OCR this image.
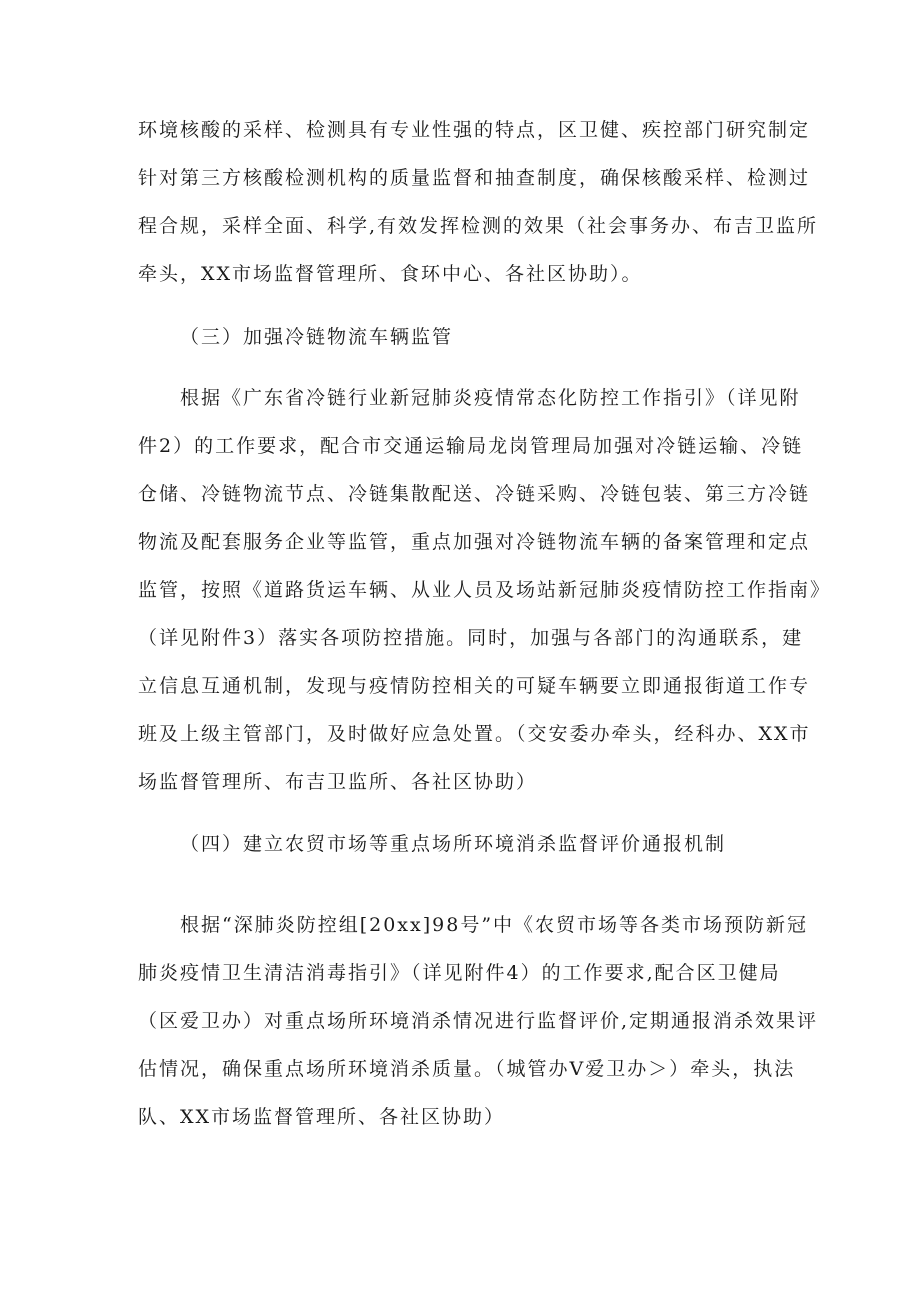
环境核酸的采样、检测具有专业性强的特点，区卫健、疾控部门研究制定
针对第三方核酸检测机构的质量监督和抽查制度，确保核酸采样、检测过
程合规，采样全面、科学,有效发挥检测的效果（社会事务办、布吉卫监所
牵头，XX市场监督管理所、食环中心、各社区协助）。
（三）加强冷链物流车辆监管
根据《广东省冷链行业新冠肺炎疫情常态化防控工作指引》（详见附
件2）的工作要求，配合市交通运输局龙岗管理局加强对冷链运输、冷链
仓储、冷链物流节点、冷链集散配送、冷链采购、冷链包装、第三方冷链
物流及配套服务企业等监管，重点加强对冷链物流车辆的备案管理和定点
监管，按照《道路货运车辆、从业人员及场站新冠肺炎疫情防控工作指南》
（详见附件3）落实各项防控措施。同时，加强与各部门的沟通联系，建
立信息互通机制，发现与疫情防控相关的可疑车辆要立即通报街道工作专
班及上级主管部门，及时做好应急处置。（交安委办牵头，经科办、XX市
场监督管理所、布吉卫监所、各社区协助）
（四）建立农贸市场等重点场所环境消杀监督评价通报机制
根据“深肺炎防控组[20xx]98号”中《农贸市场等各类市场预防新冠
肺炎疫情卫生清洁消毒指引》（详见附件4）的工作要求,配合区卫健局
（区爱卫办）对重点场所环境消杀情况进行监督评价,定期通报消杀效果评
估情况，确保重点场所环境消杀质量。（城管办V爱卫办＞）牵头，执法
队、XX市场监督管理所、各社区协助）
